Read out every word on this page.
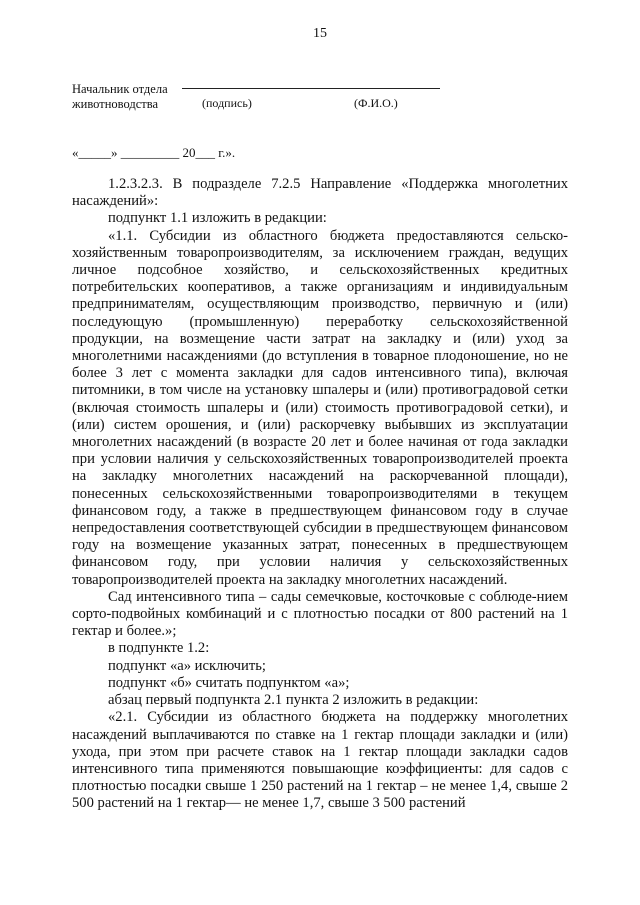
15
Начальник отдела
животноводства	(подпись)	(Ф.И.О.)
«_____» _________ 20___ г.».

1.2.3.2.3. В подразделе 7.2.5 Направление «Поддержка многолетних насаждений»:

подпункт 1.1 изложить в редакции:

«1.1. Субсидии из областного бюджета предоставляются сельско-хозяйственным товаропроизводителям, за исключением граждан, ведущих личное подсобное хозяйство, и сельскохозяйственных кредитных потребительских кооперативов, а также организациям и индивидуальным предпринимателям, осуществляющим производство, первичную и (или) последующую (промышленную) переработку сельскохозяйственной продукции, на возмещение части затрат на закладку и (или) уход за многолетними насаждениями (до вступления в товарное плодоношение, но не более 3 лет с момента закладки для садов интенсивного типа), включая питомники, в том числе на установку шпалеры и (или) противоградовой сетки (включая стоимость шпалеры и (или) стоимость противоградовой сетки), и (или) систем орошения, и (или) раскорчевку выбывших из эксплуатации многолетних насаждений (в возрасте 20 лет и более начиная от года закладки при условии наличия у сельскохозяйственных товаропроизводителей проекта на закладку многолетних насаждений на раскорчеванной площади), понесенных сельскохозяйственными товаропроизводителями в текущем финансовом году, а также в предшествующем финансовом году в случае непредоставления соответствующей субсидии в предшествующем финансовом году на возмещение указанных затрат, понесенных в предшествующем финансовом году, при условии наличия у сельскохозяйственных товаропроизводителей проекта на закладку многолетних насаждений.

Сад интенсивного типа – сады семечковые, косточковые с соблюде-нием сорто-подвойных комбинаций и с плотностью посадки от 800 растений на 1 гектар и более.»;

в подпункте 1.2:

подпункт «а» исключить;

подпункт «б» считать подпунктом «а»;

абзац первый подпункта 2.1 пункта 2 изложить в редакции:

«2.1. Субсидии из областного бюджета на поддержку многолетних насаждений выплачиваются по ставке на 1 гектар площади закладки и (или) ухода, при этом при расчете ставок на 1 гектар площади закладки садов интенсивного типа применяются повышающие коэффициенты: для садов с плотностью посадки свыше 1 250 растений на 1 гектар – не менее 1,4, свыше 2 500 растений на 1 гектар— не менее 1,7, свыше 3 500 растений
